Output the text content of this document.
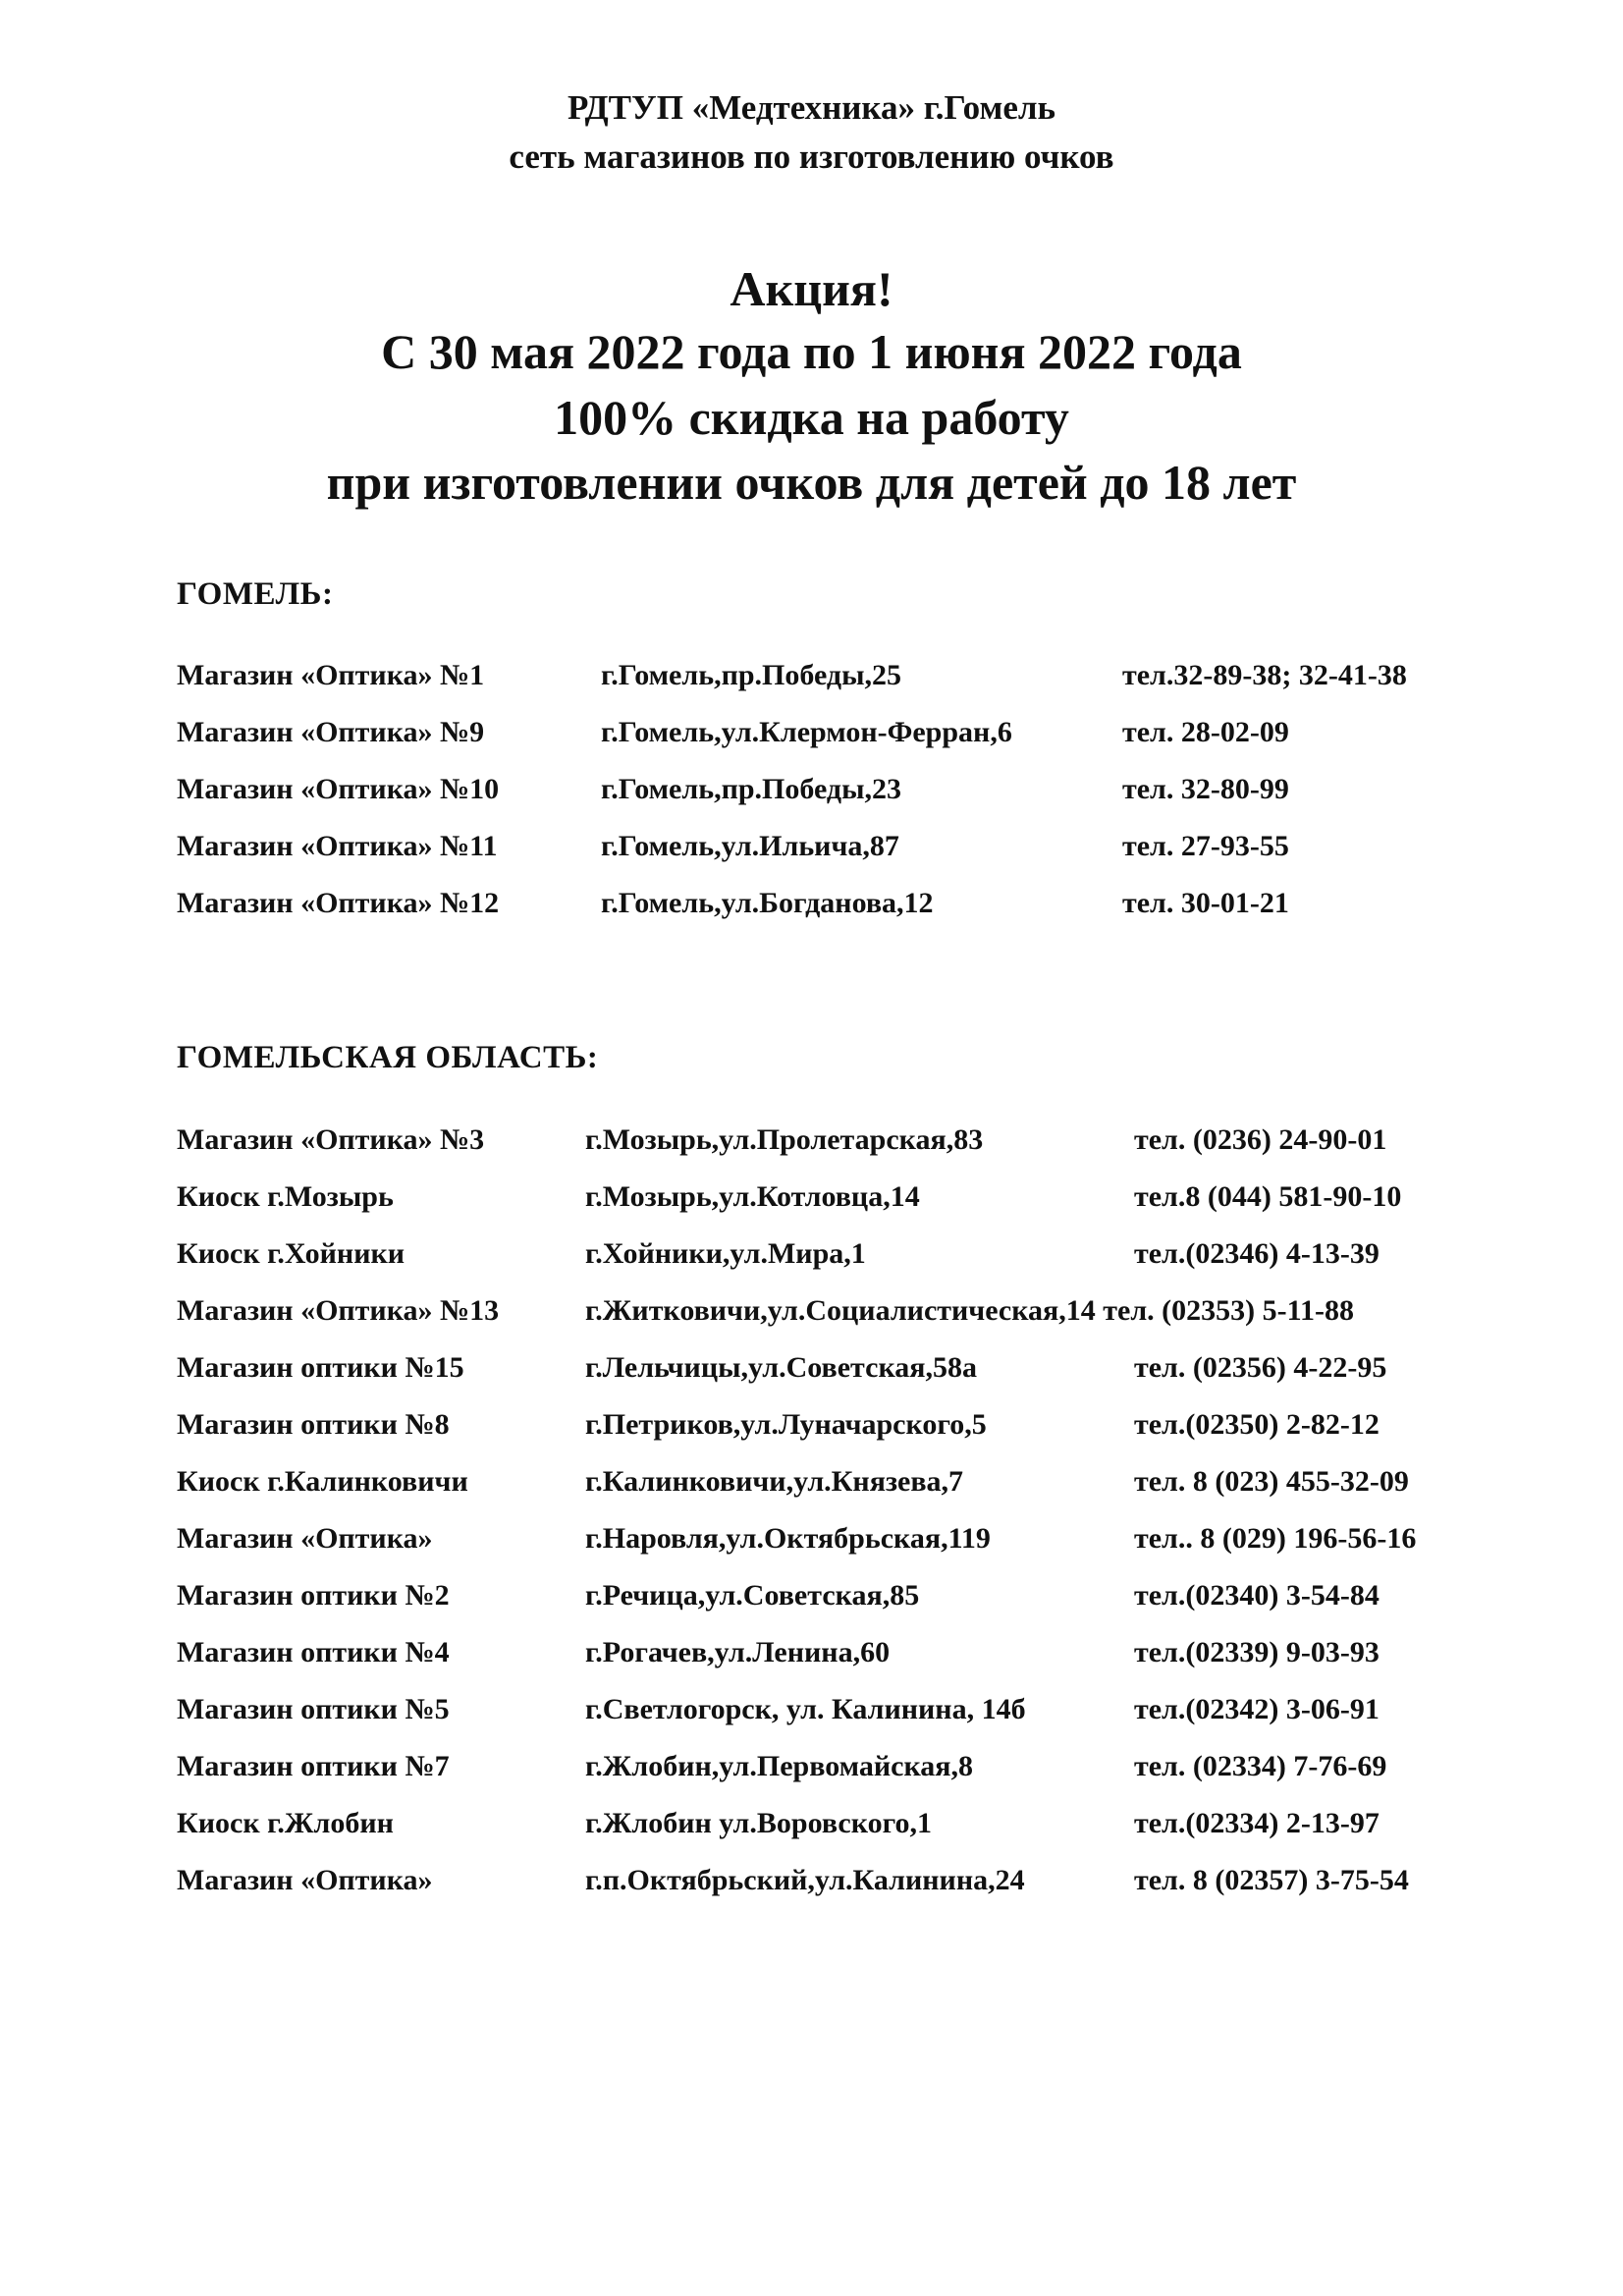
РДТУП «Медтехника» г.Гомель
сеть магазинов по изготовлению очков
Акция!
С 30 мая 2022 года по 1 июня 2022 года
100% скидка на работу
при изготовлении очков для детей до 18 лет
ГОМЕЛЬ:
Магазин «Оптика» №1	г.Гомель,пр.Победы,25	тел.32-89-38; 32-41-38
Магазин «Оптика» №9	г.Гомель,ул.Клермон-Ферран,6	тел. 28-02-09
Магазин «Оптика» №10	г.Гомель,пр.Победы,23	тел. 32-80-99
Магазин «Оптика» №11	г.Гомель,ул.Ильича,87	тел. 27-93-55
Магазин «Оптика» №12	г.Гомель,ул.Богданова,12	тел. 30-01-21
ГОМЕЛЬСКАЯ ОБЛАСТЬ:
Магазин «Оптика» №3	г.Мозырь,ул.Пролетарская,83	тел. (0236) 24-90-01
Киоск г.Мозырь	г.Мозырь,ул.Котловца,14	тел.8 (044) 581-90-10
Киоск г.Хойники	г.Хойники,ул.Мира,1	тел.(02346) 4-13-39
Магазин «Оптика» №13	г.Житковичи,ул.Социалистическая,14 тел. (02353) 5-11-88
Магазин оптики №15	г.Лельчицы,ул.Советская,58а	тел. (02356) 4-22-95
Магазин оптики №8	г.Петриков,ул.Луначарского,5	тел.(02350) 2-82-12
Киоск г.Калинковичи	г.Калинковичи,ул.Князева,7	тел. 8 (023) 455-32-09
Магазин «Оптика»	г.Наровля,ул.Октябрьская,119	тел.. 8 (029) 196-56-16
Магазин оптики №2	г.Речица,ул.Советская,85	тел.(02340) 3-54-84
Магазин оптики №4	г.Рогачев,ул.Ленина,60	тел.(02339) 9-03-93
Магазин оптики №5	г.Светлогорск, ул. Калинина, 14б	тел.(02342) 3-06-91
Магазин оптики №7	г.Жлобин,ул.Первомайская,8	тел. (02334) 7-76-69
Киоск г.Жлобин	г.Жлобин ул.Воровского,1	тел.(02334) 2-13-97
Магазин «Оптика»	г.п.Октябрьский,ул.Калинина,24	тел. 8 (02357) 3-75-54
